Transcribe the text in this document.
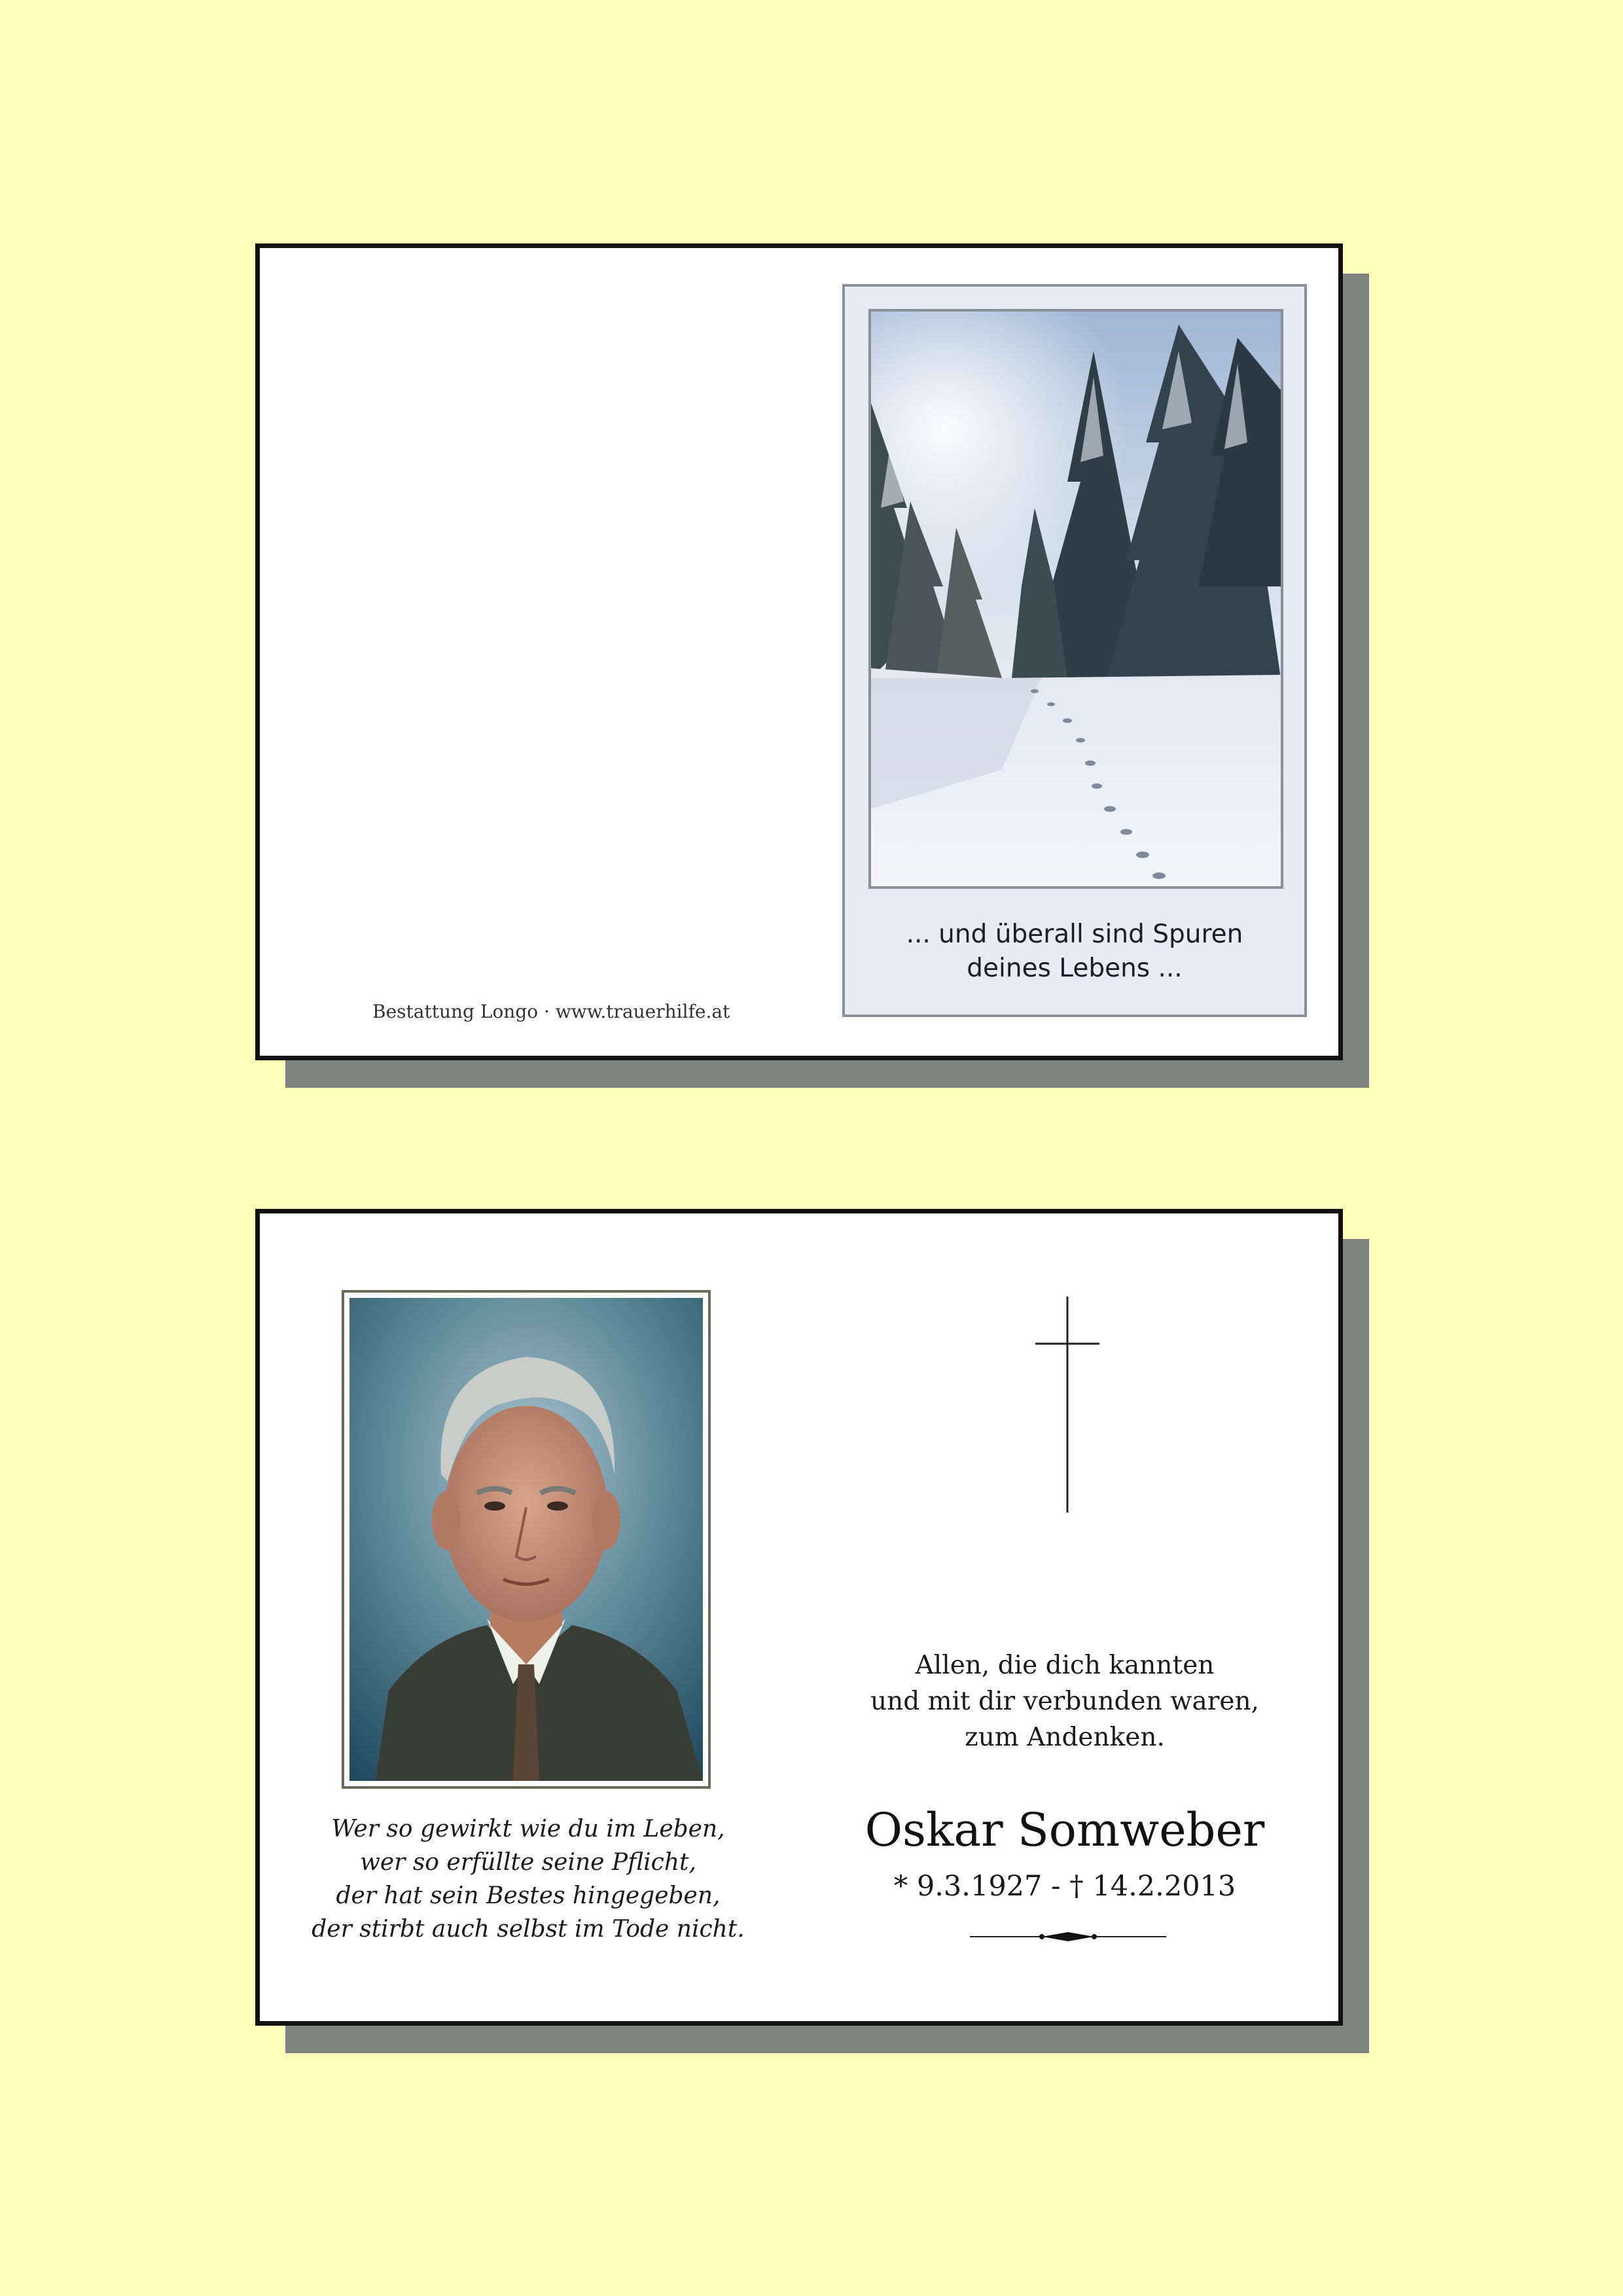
Bestattung Longo · www.trauerhilfe.at

... und überall sind Spuren
deines Lebens ...

Wer so gewirkt wie du im Leben,
wer so erfüllte seine Pflicht,
der hat sein Bestes hingegeben,
der stirbt auch selbst im Tode nicht.

Allen, die dich kannten
und mit dir verbunden waren,
zum Andenken.

Oskar Somweber

* 9.3.1927 - † 14.2.2013
